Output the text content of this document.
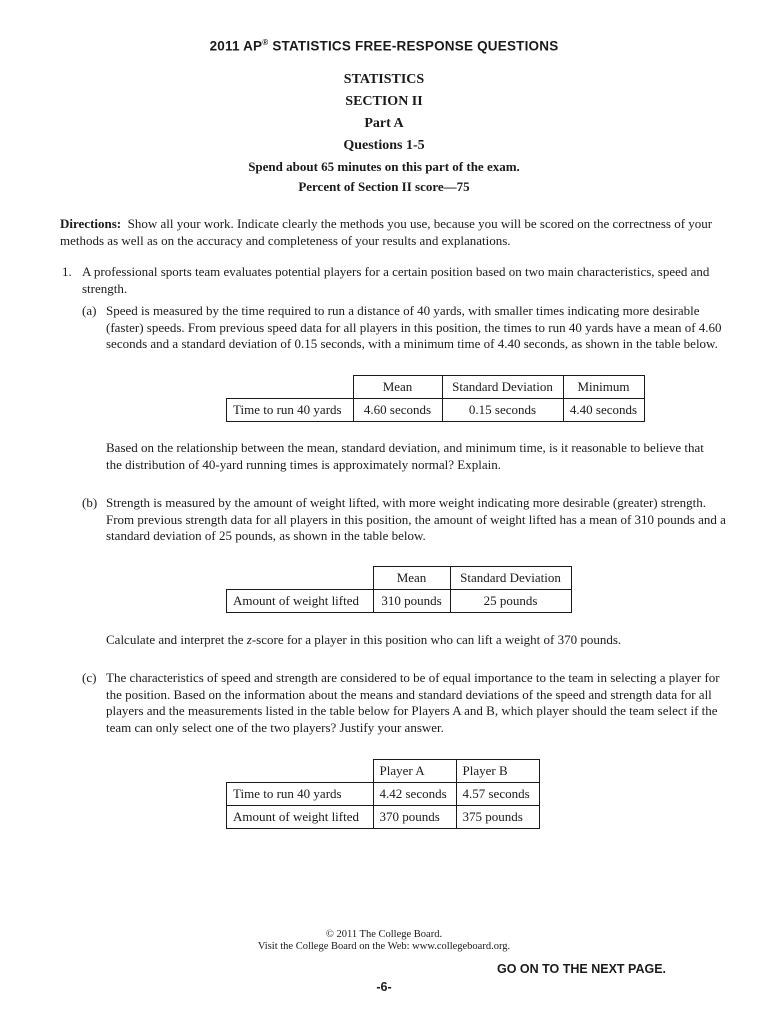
2011 AP® STATISTICS FREE-RESPONSE QUESTIONS
STATISTICS
SECTION II
Part A
Questions 1-5
Spend about 65 minutes on this part of the exam.
Percent of Section II score—75
Directions: Show all your work. Indicate clearly the methods you use, because you will be scored on the correctness of your methods as well as on the accuracy and completeness of your results and explanations.
1. A professional sports team evaluates potential players for a certain position based on two main characteristics, speed and strength.
(a) Speed is measured by the time required to run a distance of 40 yards, with smaller times indicating more desirable (faster) speeds. From previous speed data for all players in this position, the times to run 40 yards have a mean of 4.60 seconds and a standard deviation of 0.15 seconds, with a minimum time of 4.40 seconds, as shown in the table below.
	Mean	Standard Deviation	Minimum
Time to run 40 yards	4.60 seconds	0.15 seconds	4.40 seconds
Based on the relationship between the mean, standard deviation, and minimum time, is it reasonable to believe that the distribution of 40-yard running times is approximately normal? Explain.
(b) Strength is measured by the amount of weight lifted, with more weight indicating more desirable (greater) strength. From previous strength data for all players in this position, the amount of weight lifted has a mean of 310 pounds and a standard deviation of 25 pounds, as shown in the table below.
	Mean	Standard Deviation
Amount of weight lifted	310 pounds	25 pounds
Calculate and interpret the z-score for a player in this position who can lift a weight of 370 pounds.
(c) The characteristics of speed and strength are considered to be of equal importance to the team in selecting a player for the position. Based on the information about the means and standard deviations of the speed and strength data for all players and the measurements listed in the table below for Players A and B, which player should the team select if the team can only select one of the two players? Justify your answer.
	Player A	Player B
Time to run 40 yards	4.42 seconds	4.57 seconds
Amount of weight lifted	370 pounds	375 pounds
© 2011 The College Board.
Visit the College Board on the Web: www.collegeboard.org.
GO ON TO THE NEXT PAGE.
-6-
